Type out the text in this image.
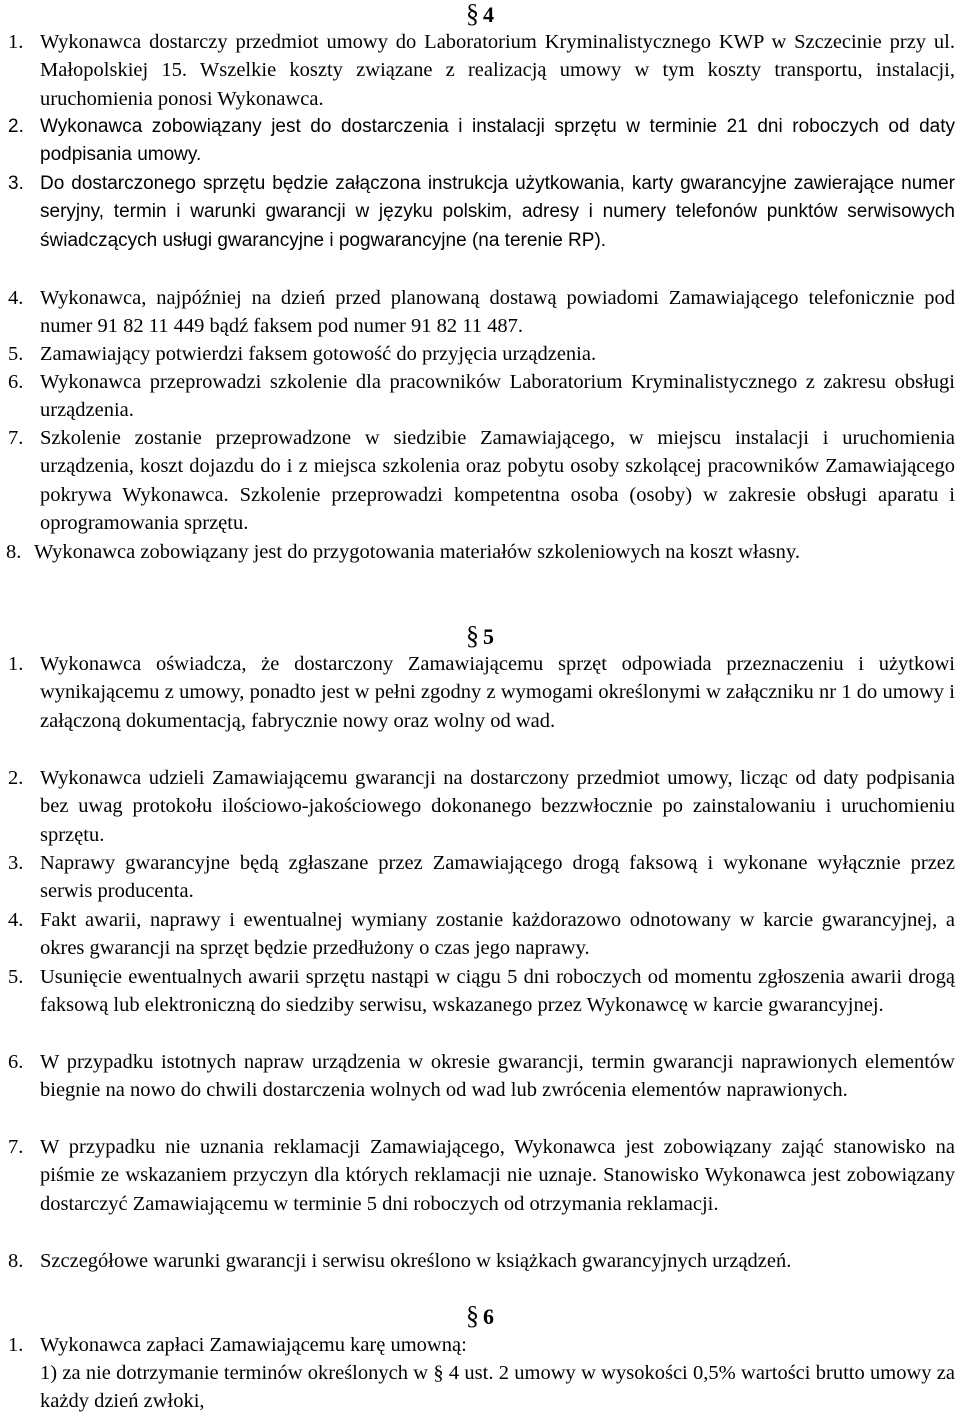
§ 4
1. Wykonawca dostarczy przedmiot umowy do Laboratorium Kryminalistycznego KWP w Szczecinie przy ul. Małopolskiej 15. Wszelkie koszty związane z realizacją umowy w tym koszty transportu, instalacji, uruchomienia ponosi Wykonawca.
2. Wykonawca zobowiązany jest do dostarczenia i instalacji sprzętu w terminie 21 dni roboczych od daty podpisania umowy.
3. Do dostarczonego sprzętu będzie załączona instrukcja użytkowania, karty gwarancyjne zawierające numer seryjny, termin i warunki gwarancji w języku polskim, adresy i numery telefonów punktów serwisowych świadczących usługi gwarancyjne i pogwarancyjne (na terenie RP).
4. Wykonawca, najpóźniej na dzień przed planowaną dostawą powiadomi Zamawiającego telefonicznie pod numer 91 82 11 449 bądź faksem pod numer 91 82 11 487.
5. Zamawiający potwierdzi faksem gotowość do przyjęcia urządzenia.
6. Wykonawca przeprowadzi szkolenie dla pracowników Laboratorium Kryminalistycznego z zakresu obsługi urządzenia.
7. Szkolenie zostanie przeprowadzone w siedzibie Zamawiającego, w miejscu instalacji i uruchomienia urządzenia, koszt dojazdu do i z miejsca szkolenia oraz pobytu osoby szkolącej pracowników Zamawiającego pokrywa Wykonawca. Szkolenie przeprowadzi kompetentna osoba (osoby) w zakresie obsługi aparatu i oprogramowania sprzętu.
8. Wykonawca zobowiązany jest do przygotowania materiałów szkoleniowych na koszt własny.
§ 5
1. Wykonawca oświadcza, że dostarczony Zamawiającemu sprzęt odpowiada przeznaczeniu i użytkowi wynikającemu z umowy, ponadto jest w pełni zgodny z wymogami określonymi w załączniku nr 1 do umowy i załączoną dokumentacją, fabrycznie nowy oraz wolny od wad.
2. Wykonawca udzieli Zamawiającemu gwarancji na dostarczony przedmiot umowy, licząc od daty podpisania bez uwag protokołu ilościowo-jakościowego dokonanego bezzwłocznie po zainstalowaniu i uruchomieniu sprzętu.
3. Naprawy gwarancyjne będą zgłaszane przez Zamawiającego drogą faksową i wykonane wyłącznie przez serwis producenta.
4. Fakt awarii, naprawy i ewentualnej wymiany zostanie każdorazowo odnotowany w karcie gwarancyjnej, a okres gwarancji na sprzęt będzie przedłużony o czas jego naprawy.
5. Usunięcie ewentualnych awarii sprzętu nastąpi w ciągu 5 dni roboczych od momentu zgłoszenia awarii drogą faksową lub elektroniczną do siedziby serwisu, wskazanego przez Wykonawcę w karcie gwarancyjnej.
6. W przypadku istotnych napraw urządzenia w okresie gwarancji, termin gwarancji naprawionych elementów biegnie na nowo do chwili dostarczenia wolnych od wad lub zwrócenia elementów naprawionych.
7. W przypadku nie uznania reklamacji Zamawiającego, Wykonawca jest zobowiązany zająć stanowisko na piśmie ze wskazaniem przyczyn dla których reklamacji nie uznaje. Stanowisko Wykonawca jest zobowiązany dostarczyć Zamawiającemu w terminie 5 dni roboczych od otrzymania reklamacji.
8. Szczegółowe warunki gwarancji i serwisu określono w książkach gwarancyjnych urządzeń.
§ 6
1. Wykonawca zapłaci Zamawiającemu karę umowną:
1) za nie dotrzymanie terminów określonych w § 4 ust. 2 umowy w wysokości 0,5% wartości brutto umowy za każdy dzień zwłoki,
